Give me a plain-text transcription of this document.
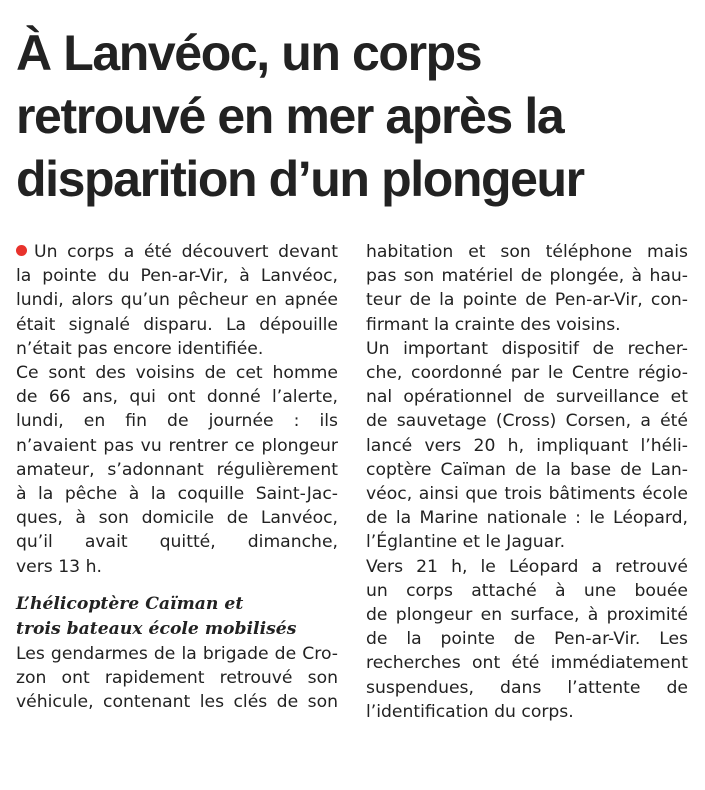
À Lanvéoc, un corps
retrouvé en mer après la
disparition d’un plongeur

Un corps a été découvert devant
la pointe du Pen-ar-Vir, à Lanvéoc,
lundi, alors qu’un pêcheur en apnée
était signalé disparu. La dépouille
n’était pas encore identifiée.

Ce sont des voisins de cet homme
de 66 ans, qui ont donné l’alerte,
lundi, en fin de journée : ils
n’avaient pas vu rentrer ce plongeur
amateur, s’adonnant régulièrement
à la pêche à la coquille Saint-Jac-
ques, à son domicile de Lanvéoc,
qu’il avait quitté, dimanche,
vers 13 h.

L’hélicoptère Caïman et
trois bateaux école mobilisés

Les gendarmes de la brigade de Cro-
zon ont rapidement retrouvé son
véhicule, contenant les clés de son

habitation et son téléphone mais
pas son matériel de plongée, à hau-
teur de la pointe de Pen-ar-Vir, con-
firmant la crainte des voisins.

Un important dispositif de recher-
che, coordonné par le Centre régio-
nal opérationnel de surveillance et
de sauvetage (Cross) Corsen, a été
lancé vers 20 h, impliquant l’héli-
coptère Caïman de la base de Lan-
véoc, ainsi que trois bâtiments école
de la Marine nationale : le Léopard,
l’Églantine et le Jaguar.

Vers 21 h, le Léopard a retrouvé
un corps attaché à une bouée
de plongeur en surface, à proximité
de la pointe de Pen-ar-Vir. Les
recherches ont été immédiatement
suspendues, dans l’attente de
l’identification du corps.
